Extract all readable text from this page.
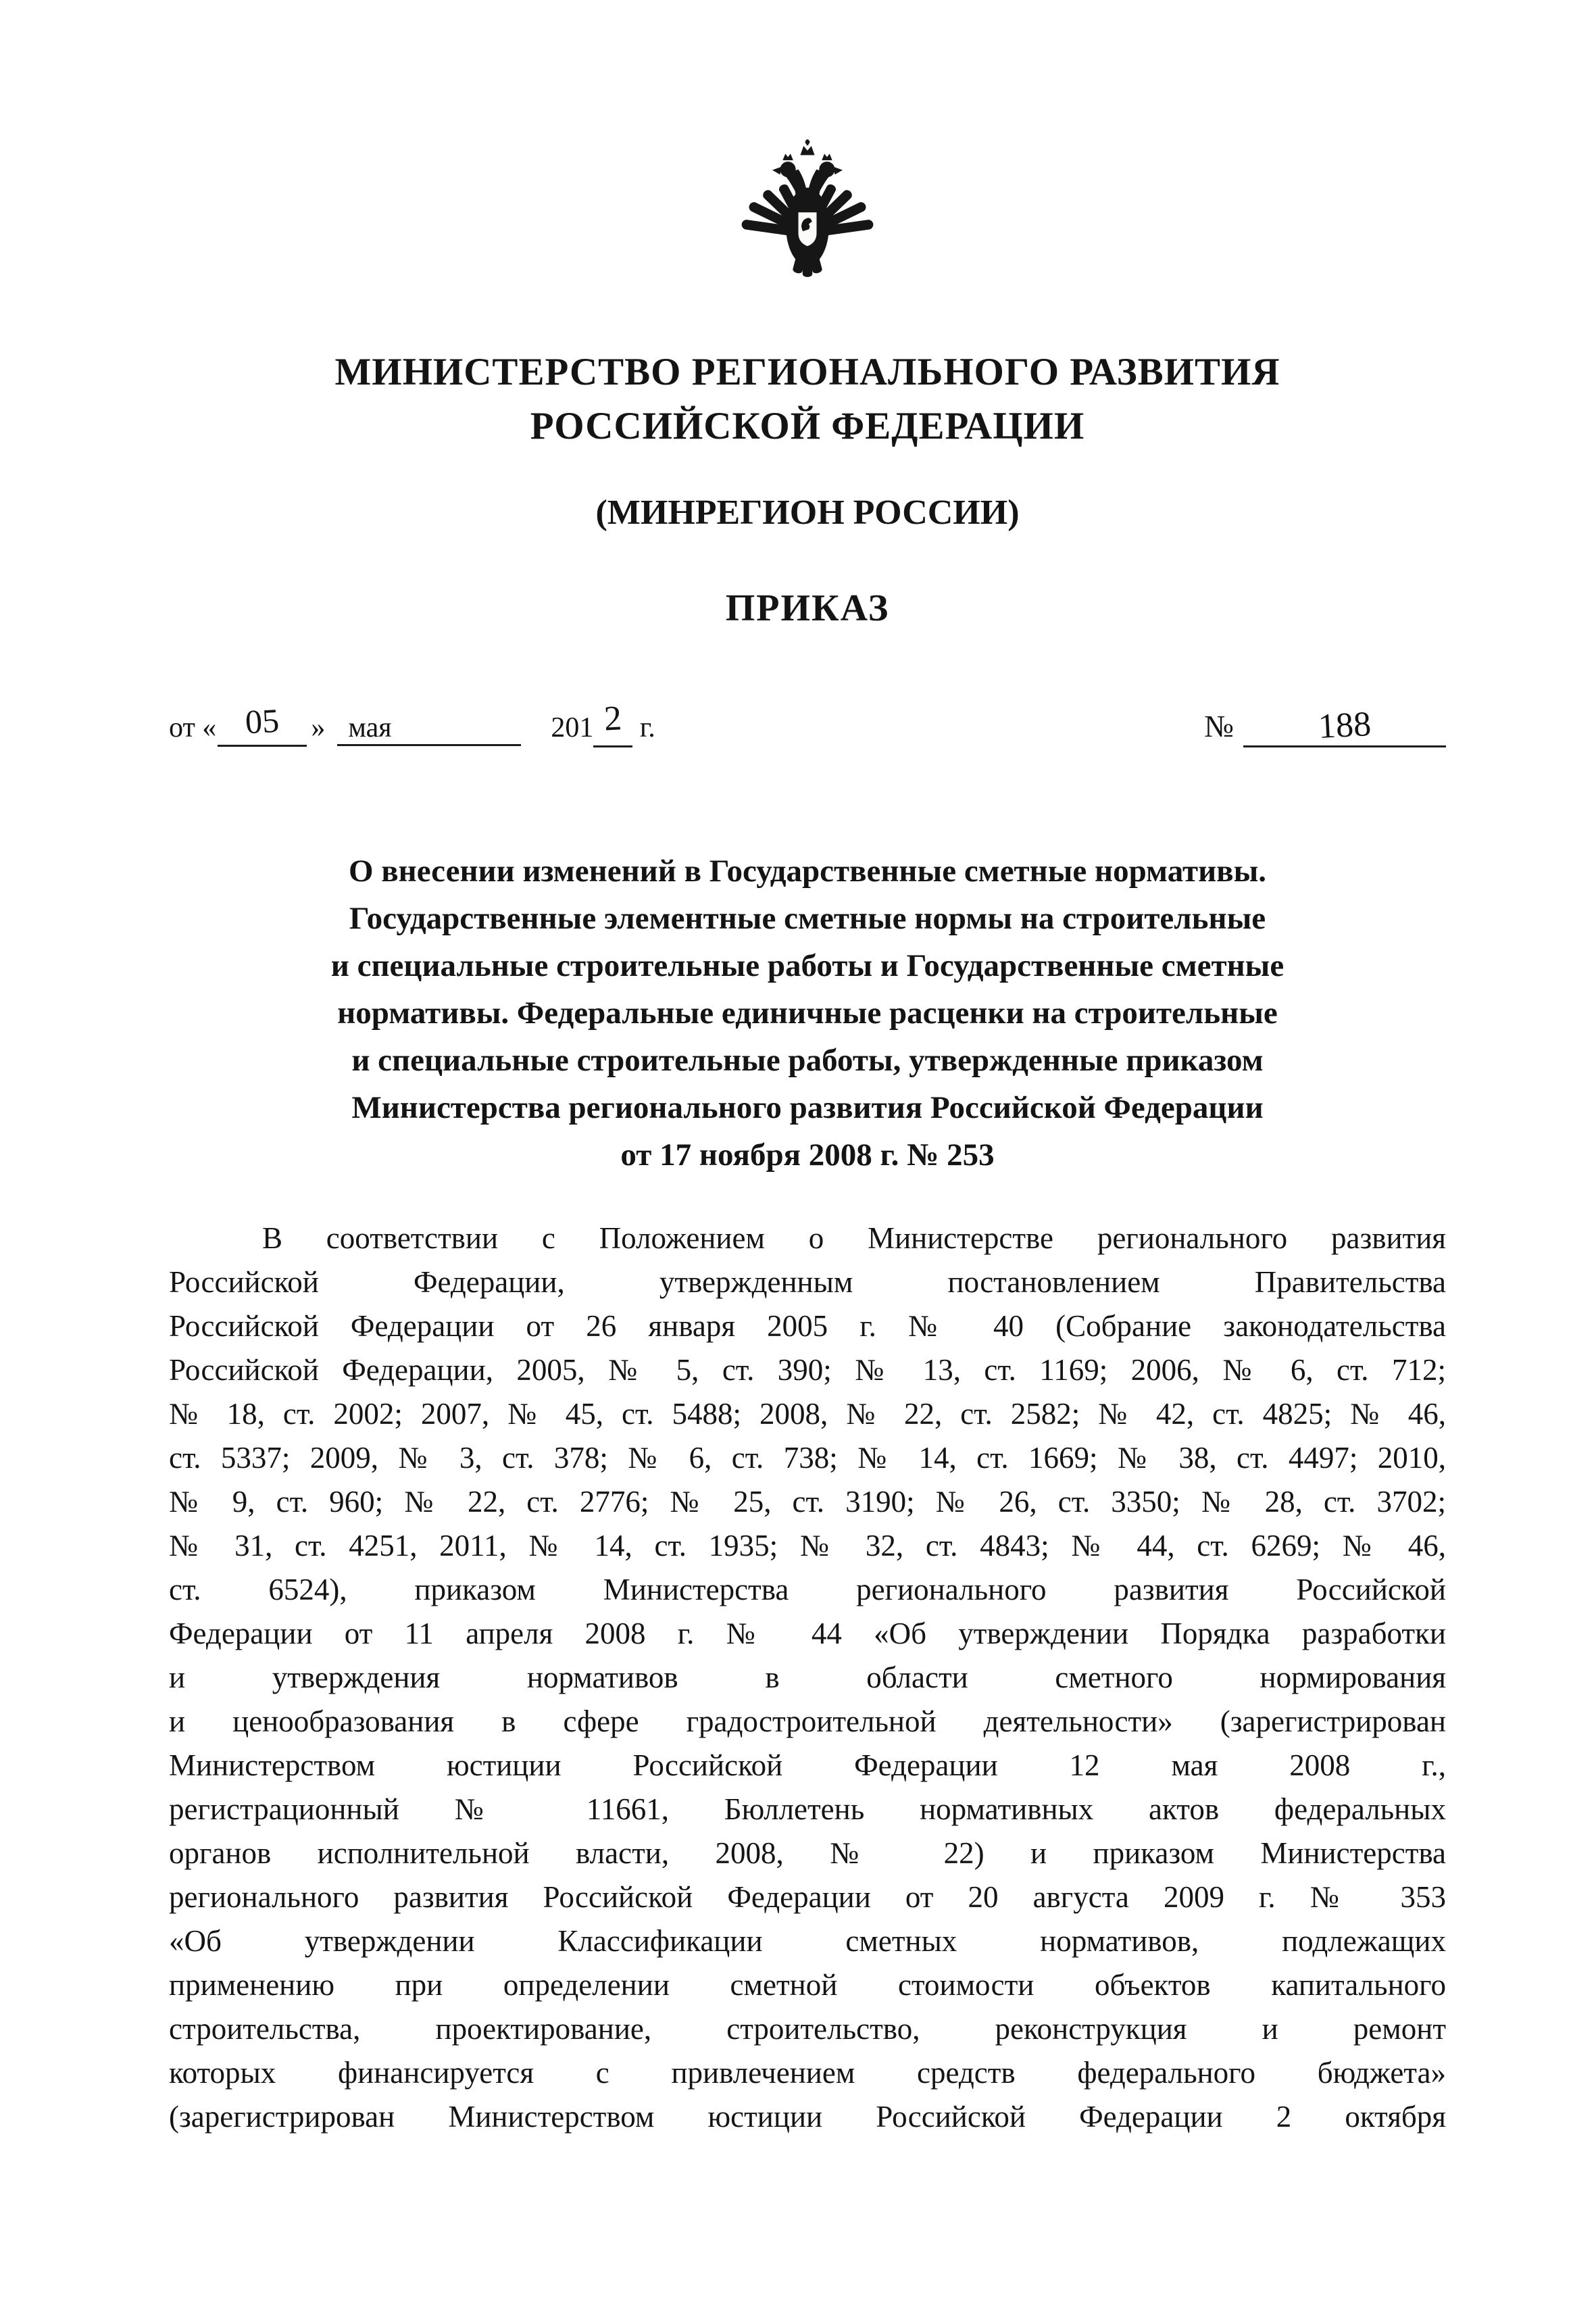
МИНИСТЕРСТВО РЕГИОНАЛЬНОГО РАЗВИТИЯ
РОССИЙСКОЙ ФЕДЕРАЦИИ
(МИНРЕГИОН РОССИИ)
ПРИКАЗ
от « 05 » мая	201 2 г.	№ 188
О внесении изменений в Государственные сметные нормативы.
Государственные элементные сметные нормы на строительные
и специальные строительные работы и Государственные сметные
нормативы. Федеральные единичные расценки на строительные
и специальные строительные работы, утвержденные приказом
Министерства регионального развития Российской Федерации
от 17 ноября 2008 г. № 253
В соответствии с Положением о Министерстве регионального развития
Российской Федерации, утвержденным постановлением Правительства
Российской Федерации от 26 января 2005 г. № 40 (Собрание законодательства
Российской Федерации, 2005, № 5, ст. 390; № 13, ст. 1169; 2006, № 6, ст. 712;
№ 18, ст. 2002; 2007, № 45, ст. 5488; 2008, № 22, ст. 2582; № 42, ст. 4825; № 46,
ст. 5337; 2009, № 3, ст. 378; № 6, ст. 738; № 14, ст. 1669; № 38, ст. 4497; 2010,
№ 9, ст. 960; № 22, ст. 2776; № 25, ст. 3190; № 26, ст. 3350; № 28, ст. 3702;
№ 31, ст. 4251, 2011, № 14, ст. 1935; № 32, ст. 4843; № 44, ст. 6269; № 46,
ст. 6524), приказом Министерства регионального развития Российской
Федерации от 11 апреля 2008 г. № 44 «Об утверждении Порядка разработки
и утверждения нормативов в области сметного нормирования
и ценообразования в сфере градостроительной деятельности» (зарегистрирован
Министерством юстиции Российской Федерации 12 мая 2008 г.,
регистрационный № 11661, Бюллетень нормативных актов федеральных
органов исполнительной власти, 2008, № 22) и приказом Министерства
регионального развития Российской Федерации от 20 августа 2009 г. № 353
«Об утверждении Классификации сметных нормативов, подлежащих
применению при определении сметной стоимости объектов капитального
строительства, проектирование, строительство, реконструкция и ремонт
которых финансируется с привлечением средств федерального бюджета»
(зарегистрирован Министерством юстиции Российской Федерации 2 октября
